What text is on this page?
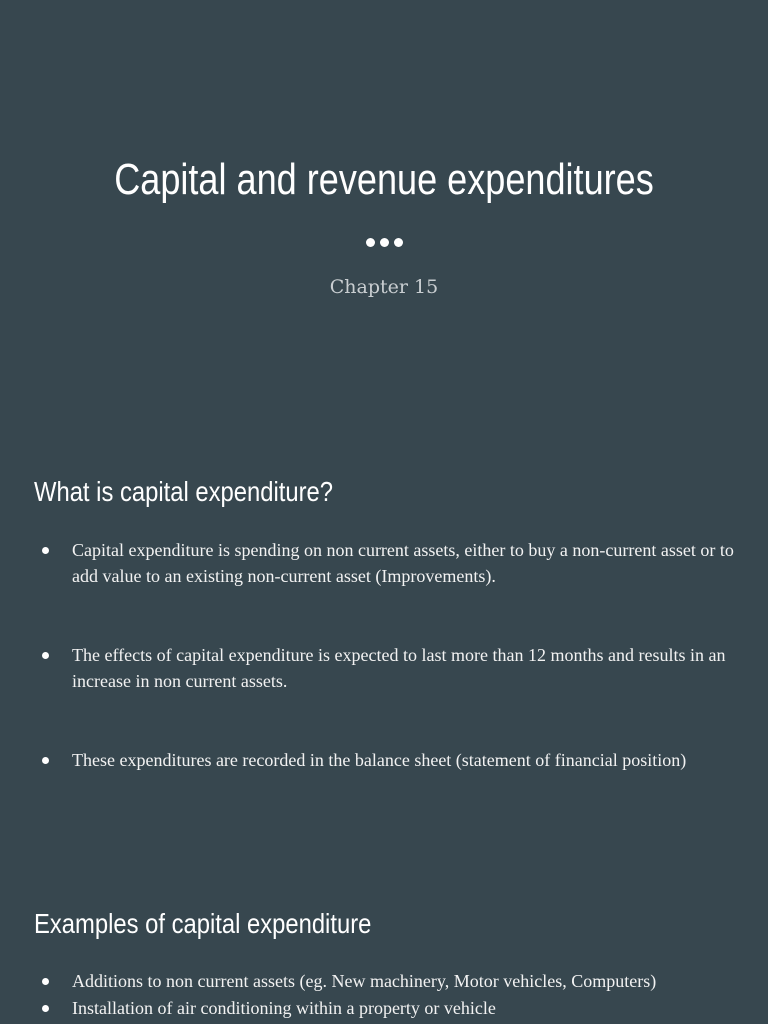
Capital and revenue expenditures

Chapter 15

What is capital expenditure?
Capital expenditure is spending on non current assets, either to buy a non-current asset or to add value to an existing non-current asset (Improvements).
The effects of capital expenditure is expected to last more than 12 months and results in an increase in non current assets.
These expenditures are recorded in the balance sheet (statement of financial position)
Examples of capital expenditure
Additions to non current assets (eg. New machinery, Motor vehicles, Computers)
Installation of air conditioning within a property or vehicle
